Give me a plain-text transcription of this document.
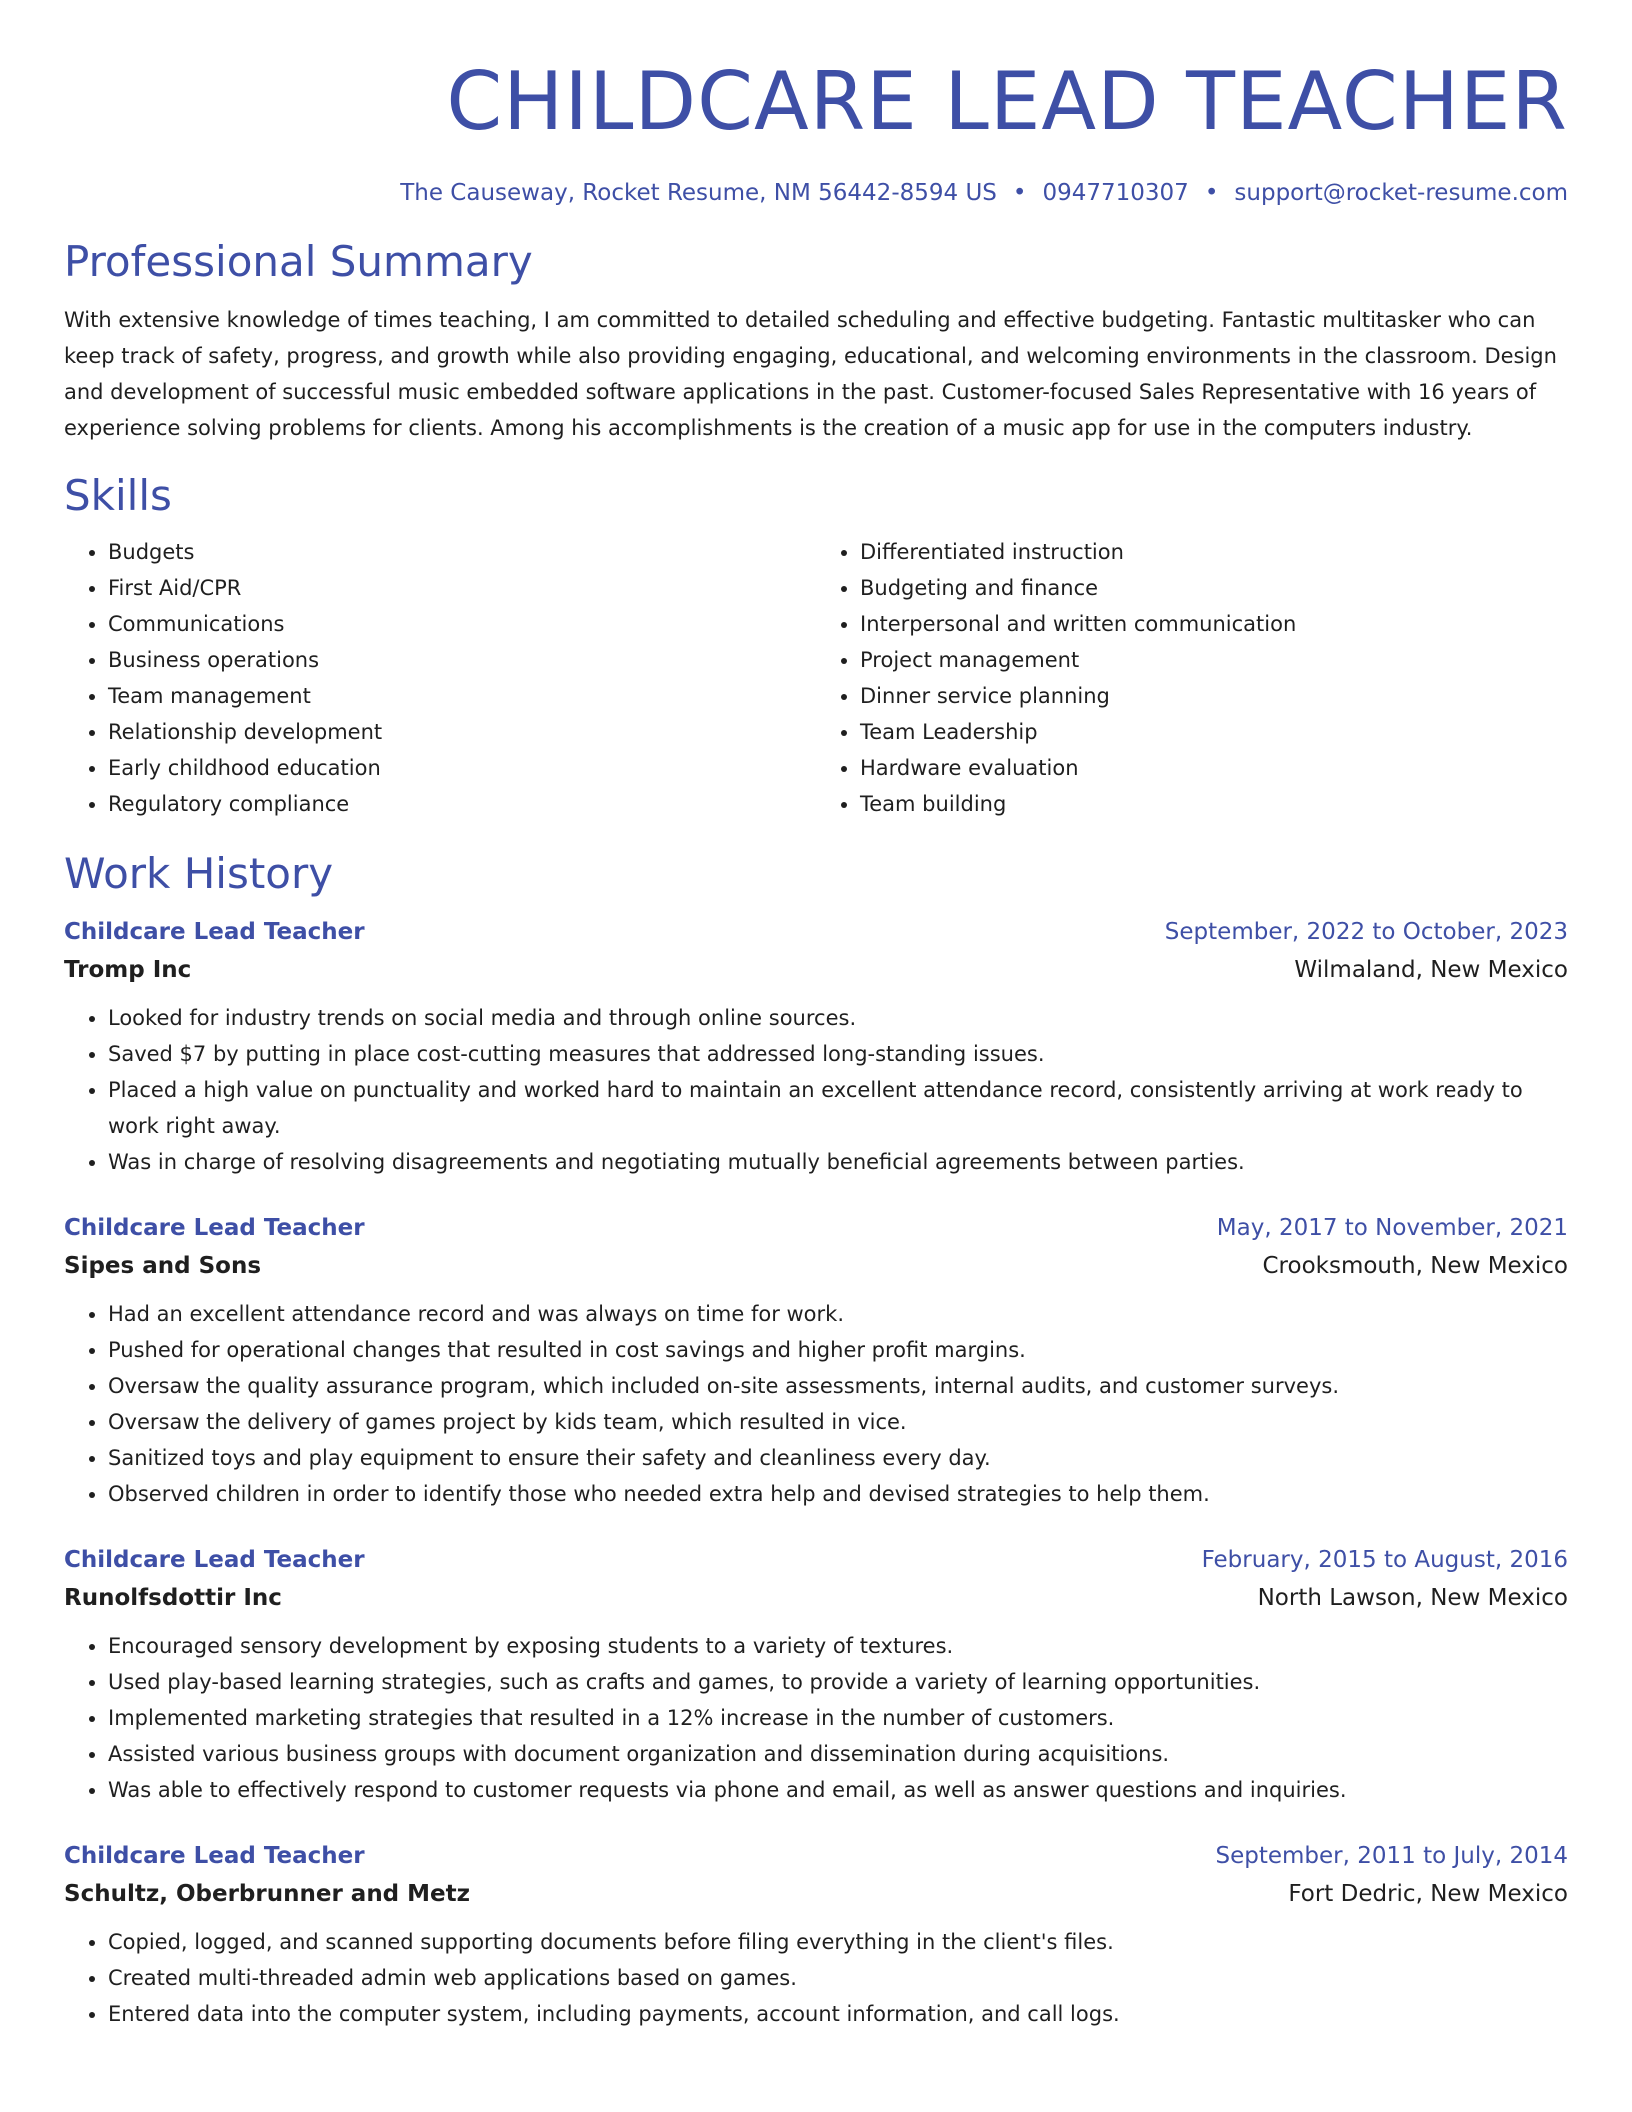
CHILDCARE LEAD TEACHER
The Causeway, Rocket Resume, NM 56442-8594 US • 0947710307 • support@rocket-resume.com
Professional Summary
With extensive knowledge of times teaching, I am committed to detailed scheduling and effective budgeting. Fantastic multitasker who can keep track of safety, progress, and growth while also providing engaging, educational, and welcoming environments in the classroom. Design and development of successful music embedded software applications in the past. Customer-focused Sales Representative with 16 years of experience solving problems for clients. Among his accomplishments is the creation of a music app for use in the computers industry.
Skills
• Budgets
• First Aid/CPR
• Communications
• Business operations
• Team management
• Relationship development
• Early childhood education
• Regulatory compliance
• Differentiated instruction
• Budgeting and finance
• Interpersonal and written communication
• Project management
• Dinner service planning
• Team Leadership
• Hardware evaluation
• Team building
Work History
Childcare Lead Teacher	September, 2022 to October, 2023
Tromp Inc	Wilmaland, New Mexico
• Looked for industry trends on social media and through online sources.
• Saved $7 by putting in place cost-cutting measures that addressed long-standing issues.
• Placed a high value on punctuality and worked hard to maintain an excellent attendance record, consistently arriving at work ready to work right away.
• Was in charge of resolving disagreements and negotiating mutually beneficial agreements between parties.
Childcare Lead Teacher	May, 2017 to November, 2021
Sipes and Sons	Crooksmouth, New Mexico
• Had an excellent attendance record and was always on time for work.
• Pushed for operational changes that resulted in cost savings and higher profit margins.
• Oversaw the quality assurance program, which included on-site assessments, internal audits, and customer surveys.
• Oversaw the delivery of games project by kids team, which resulted in vice.
• Sanitized toys and play equipment to ensure their safety and cleanliness every day.
• Observed children in order to identify those who needed extra help and devised strategies to help them.
Childcare Lead Teacher	February, 2015 to August, 2016
Runolfsdottir Inc	North Lawson, New Mexico
• Encouraged sensory development by exposing students to a variety of textures.
• Used play-based learning strategies, such as crafts and games, to provide a variety of learning opportunities.
• Implemented marketing strategies that resulted in a 12% increase in the number of customers.
• Assisted various business groups with document organization and dissemination during acquisitions.
• Was able to effectively respond to customer requests via phone and email, as well as answer questions and inquiries.
Childcare Lead Teacher	September, 2011 to July, 2014
Schultz, Oberbrunner and Metz	Fort Dedric, New Mexico
• Copied, logged, and scanned supporting documents before filing everything in the client's files.
• Created multi-threaded admin web applications based on games.
• Entered data into the computer system, including payments, account information, and call logs.
